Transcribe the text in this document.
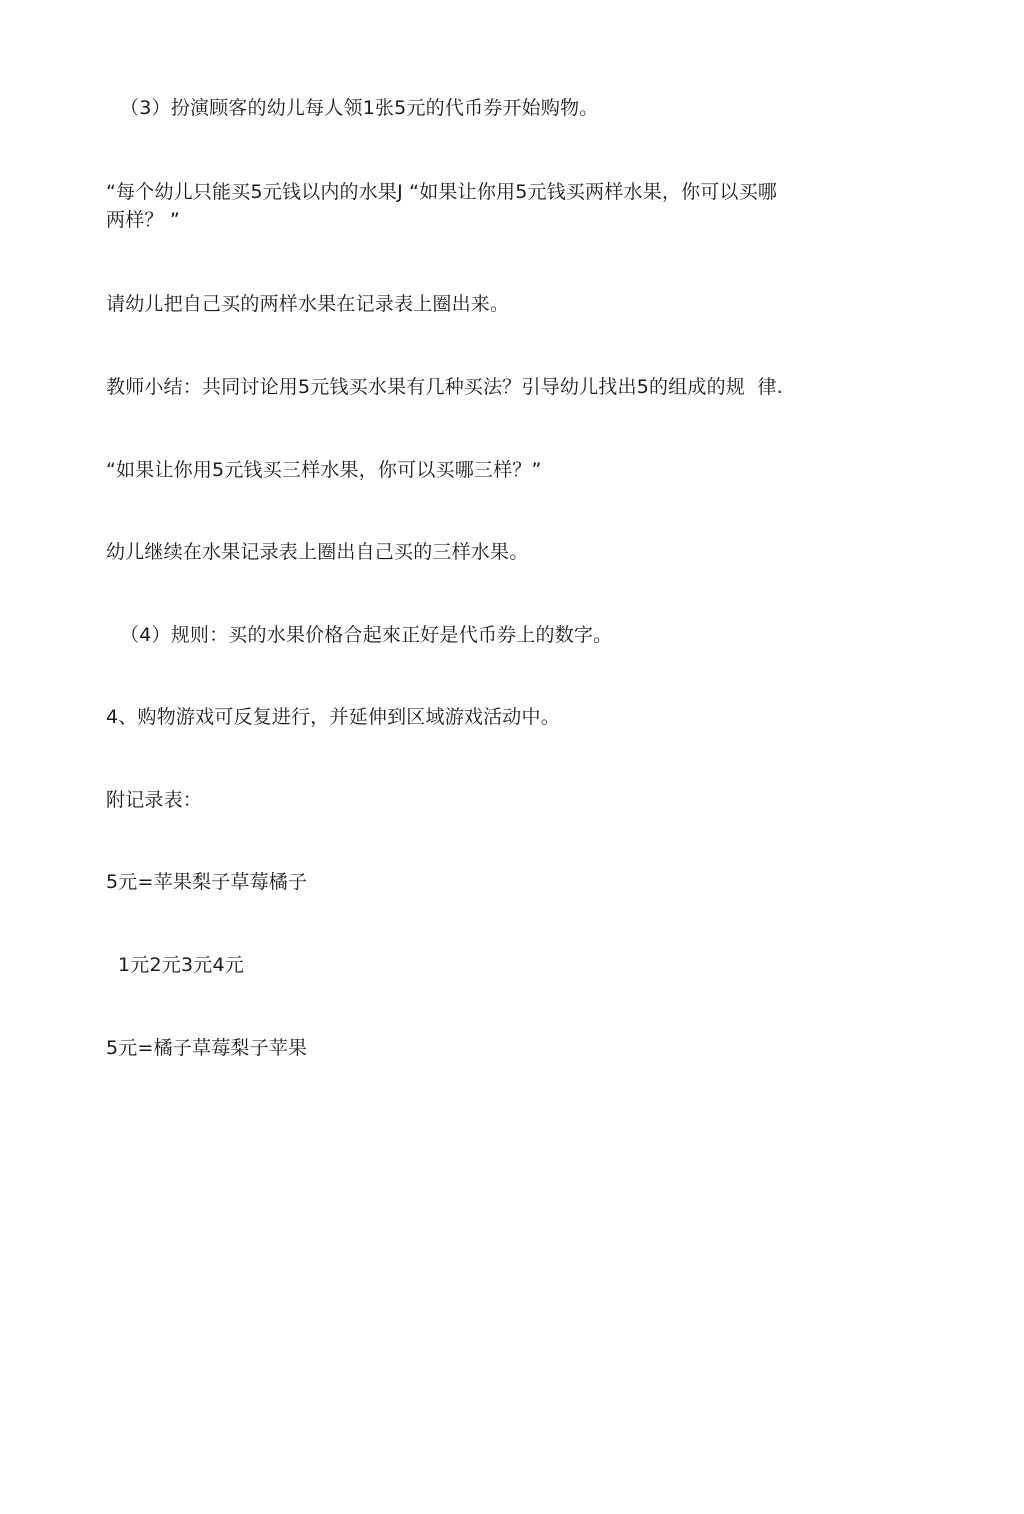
（3）扮演顾客的幼儿每人领1张5元的代币券开始购物。
“每个幼儿只能买5元钱以内的水果J “如果让你用5元钱买两样水果，你可以买哪
两样？ ”
请幼儿把自己买的两样水果在记录表上圈出来。
教师小结：共同讨论用5元钱买水果有几种买法？引导幼儿找出5的组成的规  律.
“如果让你用5元钱买三样水果，你可以买哪三样？”
幼儿继续在水果记录表上圈出自己买的三样水果。
（4）规则：买的水果价格合起來正好是代币券上的数字。
4、购物游戏可反复进行，并延伸到区域游戏活动中。
附记录表：
5元=苹果梨子草莓橘子
1元2元3元4元
5元=橘子草莓梨子苹果
